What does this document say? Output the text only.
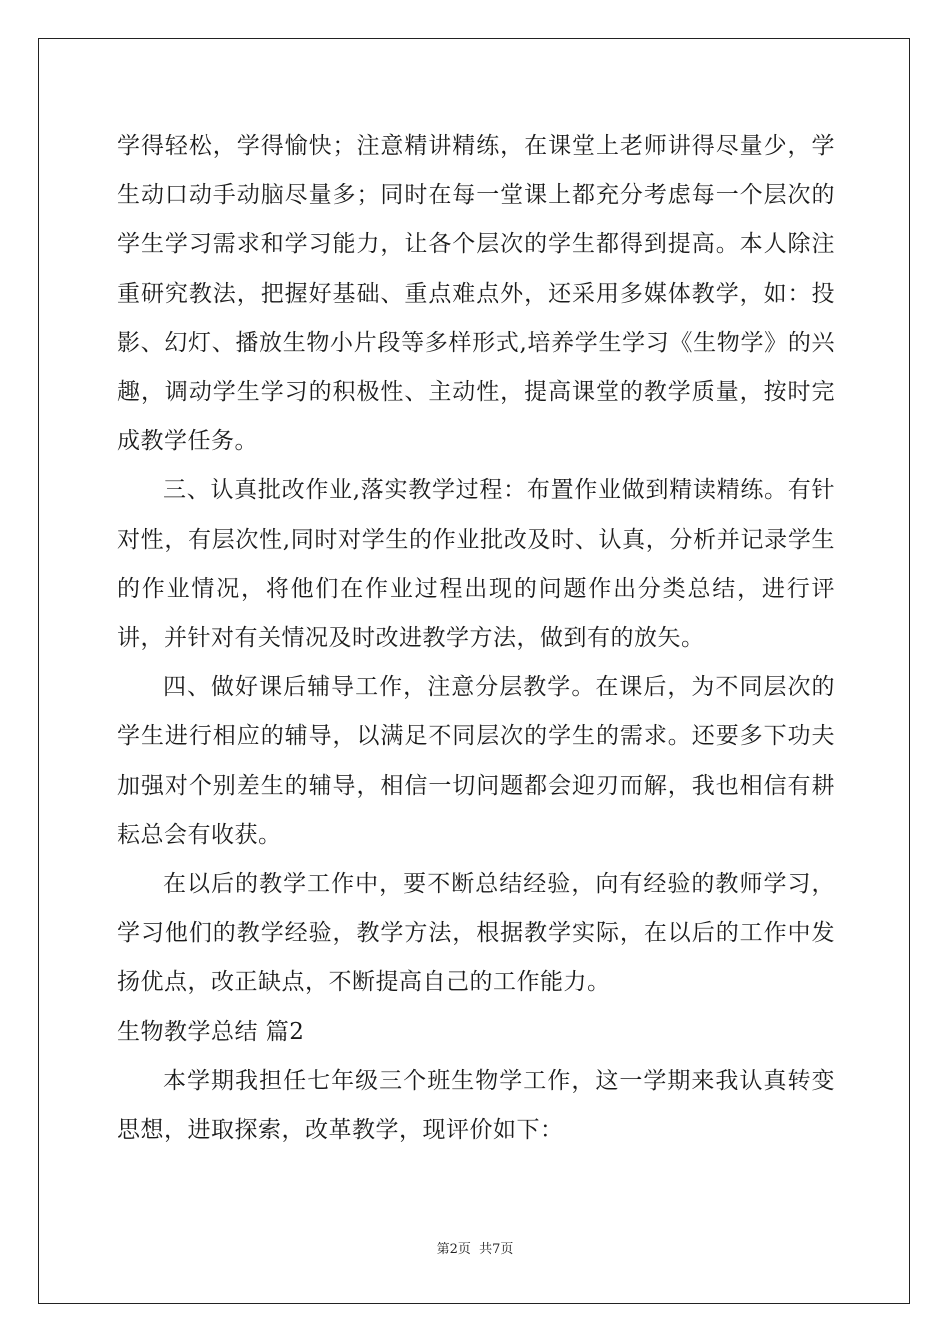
学得轻松，学得愉快；注意精讲精练，在课堂上老师讲得尽量少，学生动口动手动脑尽量多；同时在每一堂课上都充分考虑每一个层次的学生学习需求和学习能力，让各个层次的学生都得到提高。本人除注重研究教法，把握好基础、重点难点外，还采用多媒体教学，如：投影、幻灯、播放生物小片段等多样形式,培养学生学习《生物学》的兴趣，调动学生学习的积极性、主动性，提高课堂的教学质量，按时完成教学任务。

三、认真批改作业,落实教学过程：布置作业做到精读精练。有针对性，有层次性,同时对学生的作业批改及时、认真，分析并记录学生的作业情况，将他们在作业过程出现的问题作出分类总结，进行评讲，并针对有关情况及时改进教学方法，做到有的放矢。

四、做好课后辅导工作，注意分层教学。在课后，为不同层次的学生进行相应的辅导，以满足不同层次的学生的需求。还要多下功夫加强对个别差生的辅导，相信一切问题都会迎刃而解，我也相信有耕耘总会有收获。

在以后的教学工作中，要不断总结经验，向有经验的教师学习，学习他们的教学经验，教学方法，根据教学实际，在以后的工作中发扬优点，改正缺点，不断提高自己的工作能力。

生物教学总结 篇2

本学期我担任七年级三个班生物学工作，这一学期来我认真转变思想，进取探索，改革教学，现评价如下：

第2页 共7页
